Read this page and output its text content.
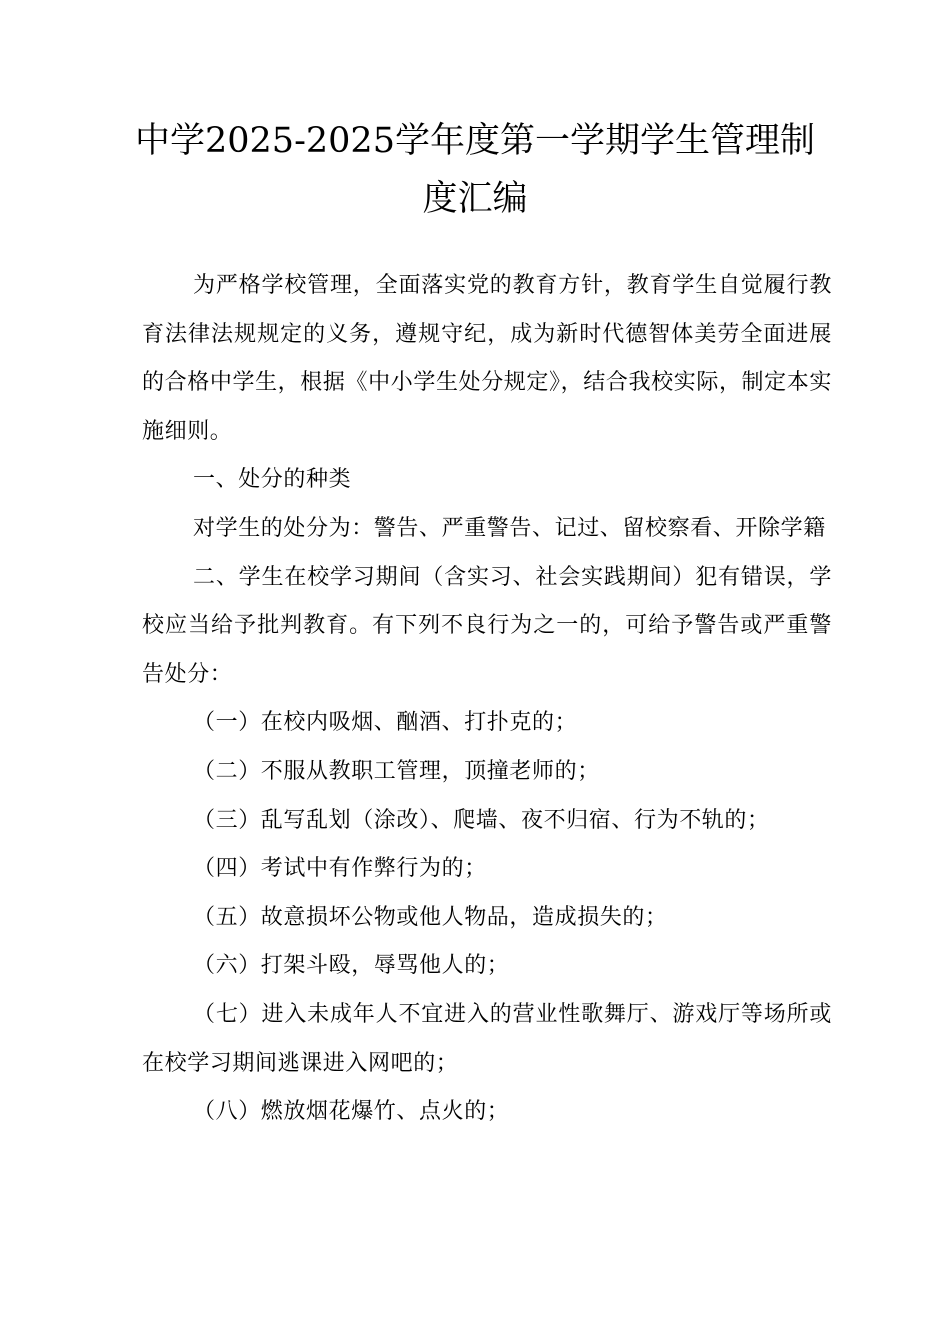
中学2025-2025学年度第一学期学生管理制度汇编

为严格学校管理，全面落实党的教育方针，教育学生自觉履行教育法律法规规定的义务，遵规守纪，成为新时代德智体美劳全面进展的合格中学生，根据《中小学生处分规定》，结合我校实际，制定本实施细则。

一、处分的种类

对学生的处分为：警告、严重警告、记过、留校察看、开除学籍

二、学生在校学习期间（含实习、社会实践期间）犯有错误，学校应当给予批判教育。有下列不良行为之一的，可给予警告或严重警告处分：

（一）在校内吸烟、酗酒、打扑克的；

（二）不服从教职工管理，顶撞老师的；

（三）乱写乱划（涂改）、爬墙、夜不归宿、行为不轨的；

（四）考试中有作弊行为的；

（五）故意损坏公物或他人物品，造成损失的；

（六）打架斗殴，辱骂他人的；

（七）进入未成年人不宜进入的营业性歌舞厅、游戏厅等场所或在校学习期间逃课进入网吧的；

（八）燃放烟花爆竹、点火的；
